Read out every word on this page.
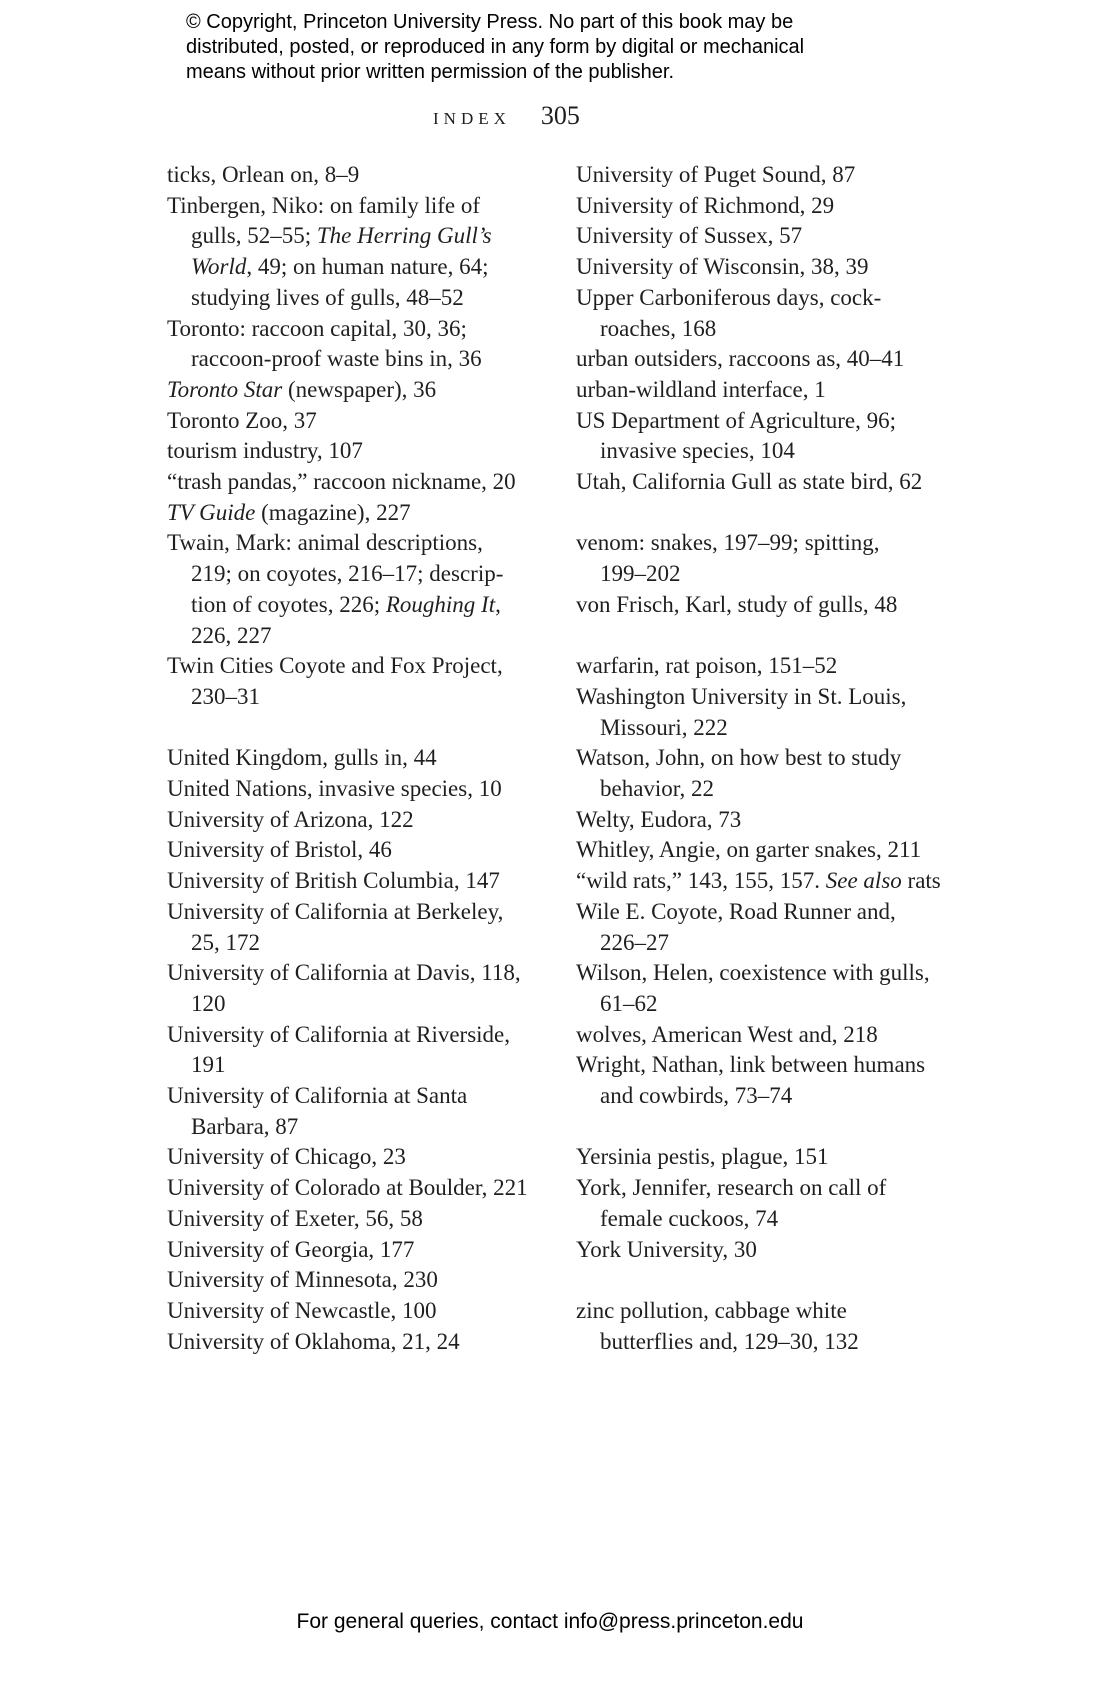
© Copyright, Princeton University Press. No part of this book may be
distributed, posted, or reproduced in any form by digital or mechanical
means without prior written permission of the publisher.
INDEX 305
ticks, Orlean on, 8–9
Tinbergen, Niko: on family life of
gulls, 52–55; The Herring Gull’s
World, 49; on human nature, 64;
studying lives of gulls, 48–52
Toronto: raccoon capital, 30, 36;
raccoon-proof waste bins in, 36
Toronto Star (newspaper), 36
Toronto Zoo, 37
tourism industry, 107
“trash pandas,” raccoon nickname, 20
TV Guide (magazine), 227
Twain, Mark: animal descriptions,
219; on coyotes, 216–17; descrip-
tion of coyotes, 226; Roughing It,
226, 227
Twin Cities Coyote and Fox Project,
230–31
United Kingdom, gulls in, 44
United Nations, invasive species, 10
University of Arizona, 122
University of Bristol, 46
University of British Columbia, 147
University of California at Berkeley,
25, 172
University of California at Davis, 118,
120
University of California at Riverside,
191
University of California at Santa
Barbara, 87
University of Chicago, 23
University of Colorado at Boulder, 221
University of Exeter, 56, 58
University of Georgia, 177
University of Minnesota, 230
University of Newcastle, 100
University of Oklahoma, 21, 24
University of Puget Sound, 87
University of Richmond, 29
University of Sussex, 57
University of Wisconsin, 38, 39
Upper Carboniferous days, cock-
roaches, 168
urban outsiders, raccoons as, 40–41
urban-wildland interface, 1
US Department of Agriculture, 96;
invasive species, 104
Utah, California Gull as state bird, 62
venom: snakes, 197–99; spitting,
199–202
von Frisch, Karl, study of gulls, 48
warfarin, rat poison, 151–52
Washington University in St. Louis,
Missouri, 222
Watson, John, on how best to study
behavior, 22
Welty, Eudora, 73
Whitley, Angie, on garter snakes, 211
“wild rats,” 143, 155, 157. See also rats
Wile E. Coyote, Road Runner and,
226–27
Wilson, Helen, coexistence with gulls,
61–62
wolves, American West and, 218
Wright, Nathan, link between humans
and cowbirds, 73–74
Yersinia pestis, plague, 151
York, Jennifer, research on call of
female cuckoos, 74
York University, 30
zinc pollution, cabbage white
butterflies and, 129–30, 132
For general queries, contact info@press.princeton.edu
